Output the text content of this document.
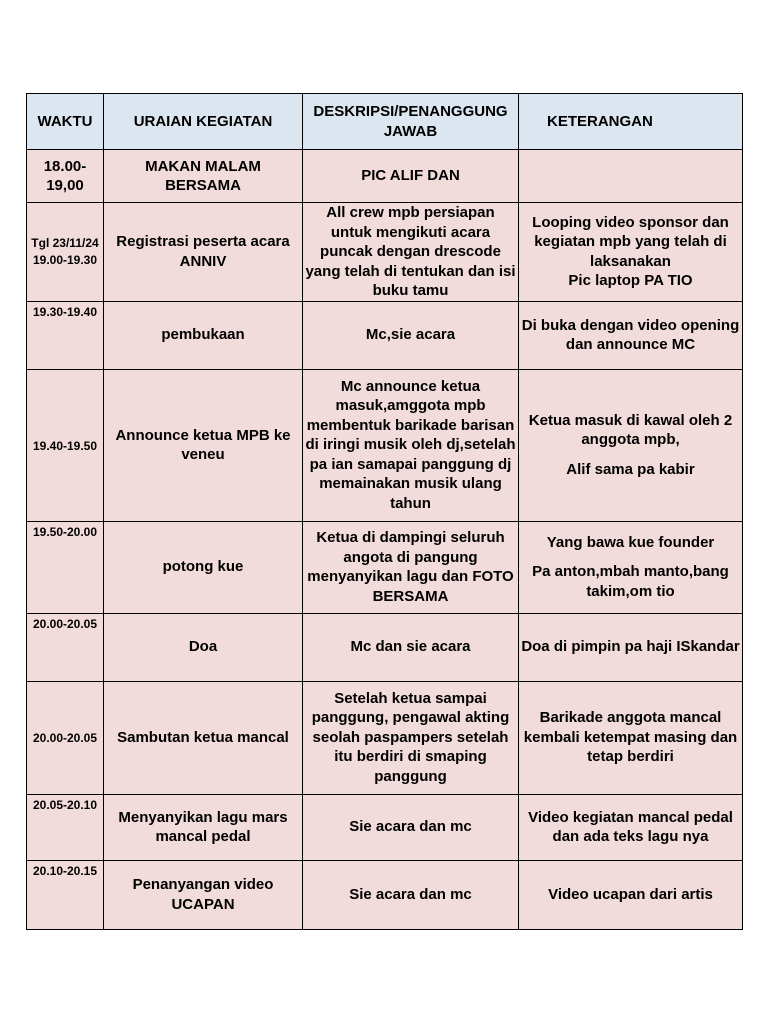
WAKTU	URAIAN KEGIATAN	DESKRIPSI/PENANGGUNG JAWAB	KETERANGAN
18.00-19,00	MAKAN MALAM BERSAMA	PIC ALIF DAN	

Tgl 23/11/24 19.00-19.30	Registrasi peserta acara ANNIV	All crew mpb persiapan untuk mengikuti acara puncak dengan drescode yang telah di tentukan dan isi buku tamu	Looping video sponsor dan kegiatan mpb yang telah di laksanakan
Pic laptop PA TIO

19.30-19.40	pembukaan	Mc,sie acara	Di buka dengan video opening dan announce MC

19.40-19.50	Announce ketua MPB ke veneu	Mc announce ketua masuk,amggota mpb membentuk barikade barisan di iringi musik oleh dj,setelah pa ian samapai panggung dj memainakan musik ulang tahun	Ketua masuk di kawal oleh 2 anggota mpb,
Alif sama pa kabir

19.50-20.00	potong kue	Ketua di dampingi seluruh angota di pangung menyanyikan lagu dan FOTO BERSAMA	Yang bawa kue founder
Pa anton,mbah manto,bang takim,om tio

20.00-20.05	Doa	Mc dan sie acara	Doa di pimpin pa haji ISkandar

20.00-20.05	Sambutan ketua mancal	Setelah ketua sampai panggung, pengawal akting seolah paspampers setelah itu berdiri di smaping panggung	Barikade anggota mancal kembali ketempat masing dan tetap berdiri

20.05-20.10	Menyanyikan lagu mars mancal pedal	Sie acara dan mc	Video kegiatan mancal pedal dan ada teks lagu nya

20.10-20.15	Penanyangan video UCAPAN	Sie acara dan mc	Video ucapan dari artis
